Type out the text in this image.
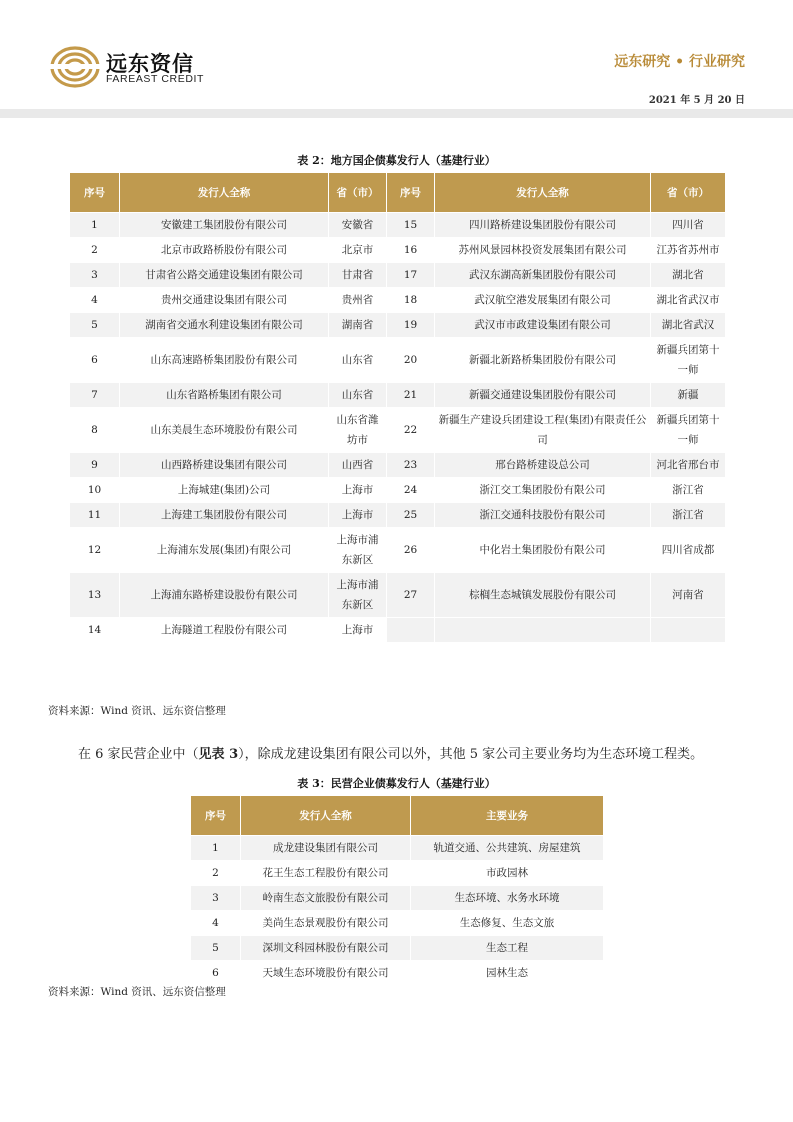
远东资信
FAREAST CREDIT
远东研究 • 行业研究
2021 年 5 月 20 日
表 2：地方国企债募发行人（基建行业）
序号	发行人全称	省（市）	序号	发行人全称	省（市）
1	安徽建工集团股份有限公司	安徽省	15	四川路桥建设集团股份有限公司	四川省
2	北京市政路桥股份有限公司	北京市	16	苏州风景园林投资发展集团有限公司	江苏省苏州市
3	甘肃省公路交通建设集团有限公司	甘肃省	17	武汉东湖高新集团股份有限公司	湖北省
4	贵州交通建设集团有限公司	贵州省	18	武汉航空港发展集团有限公司	湖北省武汉市
5	湖南省交通水利建设集团有限公司	湖南省	19	武汉市市政建设集团有限公司	湖北省武汉
6	山东高速路桥集团股份有限公司	山东省	20	新疆北新路桥集团股份有限公司	新疆兵团第十一师
7	山东省路桥集团有限公司	山东省	21	新疆交通建设集团股份有限公司	新疆
8	山东美晨生态环境股份有限公司	山东省潍坊市	22	新疆生产建设兵团建设工程(集团)有限责任公司	新疆兵团第十一师
9	山西路桥建设集团有限公司	山西省	23	邢台路桥建设总公司	河北省邢台市
10	上海城建(集团)公司	上海市	24	浙江交工集团股份有限公司	浙江省
11	上海建工集团股份有限公司	上海市	25	浙江交通科技股份有限公司	浙江省
12	上海浦东发展(集团)有限公司	上海市浦东新区	26	中化岩土集团股份有限公司	四川省成都
13	上海浦东路桥建设股份有限公司	上海市浦东新区	27	棕榈生态城镇发展股份有限公司	河南省
14	上海隧道工程股份有限公司	上海市			
资料来源：Wind 资讯、远东资信整理
在 6 家民营企业中（见表 3），除成龙建设集团有限公司以外，其他 5 家公司主要业务均为生态环境工程类。
表 3：民营企业债募发行人（基建行业）
序号	发行人全称	主要业务
1	成龙建设集团有限公司	轨道交通、公共建筑、房屋建筑
2	花王生态工程股份有限公司	市政园林
3	岭南生态文旅股份有限公司	生态环境、水务水环境
4	美尚生态景观股份有限公司	生态修复、生态文旅
5	深圳文科园林股份有限公司	生态工程
6	天域生态环境股份有限公司	园林生态
资料来源：Wind 资讯、远东资信整理
